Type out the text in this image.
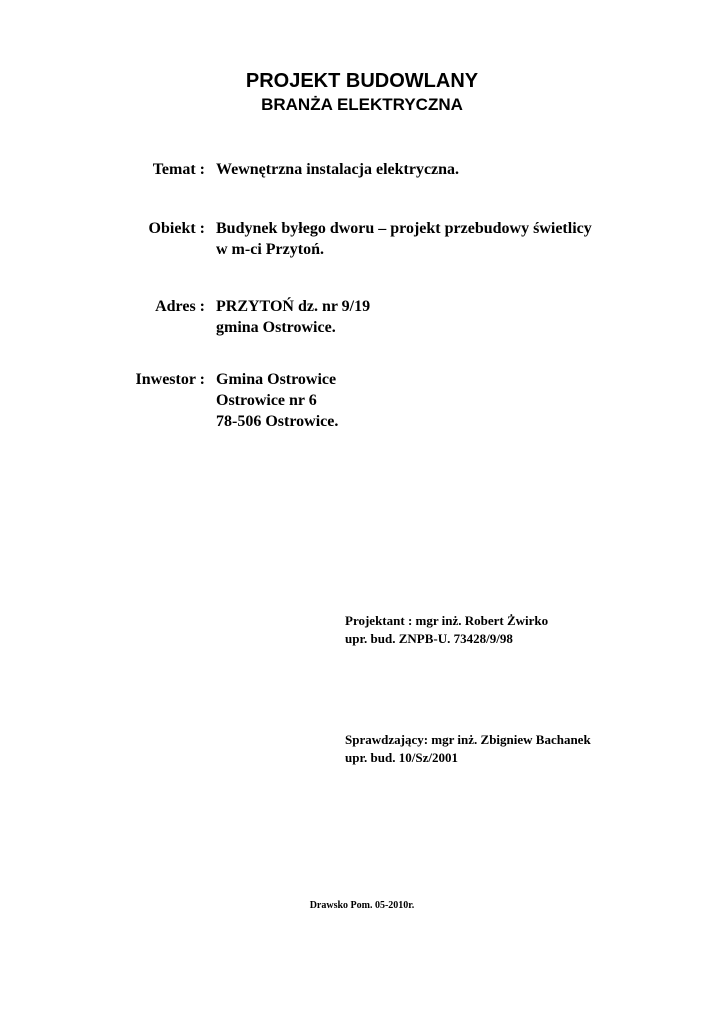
PROJEKT BUDOWLANY
BRANŻA ELEKTRYCZNA
Temat : Wewnętrzna instalacja elektryczna.
Obiekt : Budynek byłego dworu – projekt przebudowy świetlicy
w m-ci Przytoń.
Adres : PRZYTOŃ dz. nr 9/19
gmina Ostrowice.
Inwestor : Gmina Ostrowice
Ostrowice nr 6
78-506 Ostrowice.
Projektant : mgr inż. Robert Żwirko
upr. bud. ZNPB-U. 73428/9/98
Sprawdzający: mgr inż. Zbigniew Bachanek
upr. bud. 10/Sz/2001
Drawsko Pom. 05-2010r.
